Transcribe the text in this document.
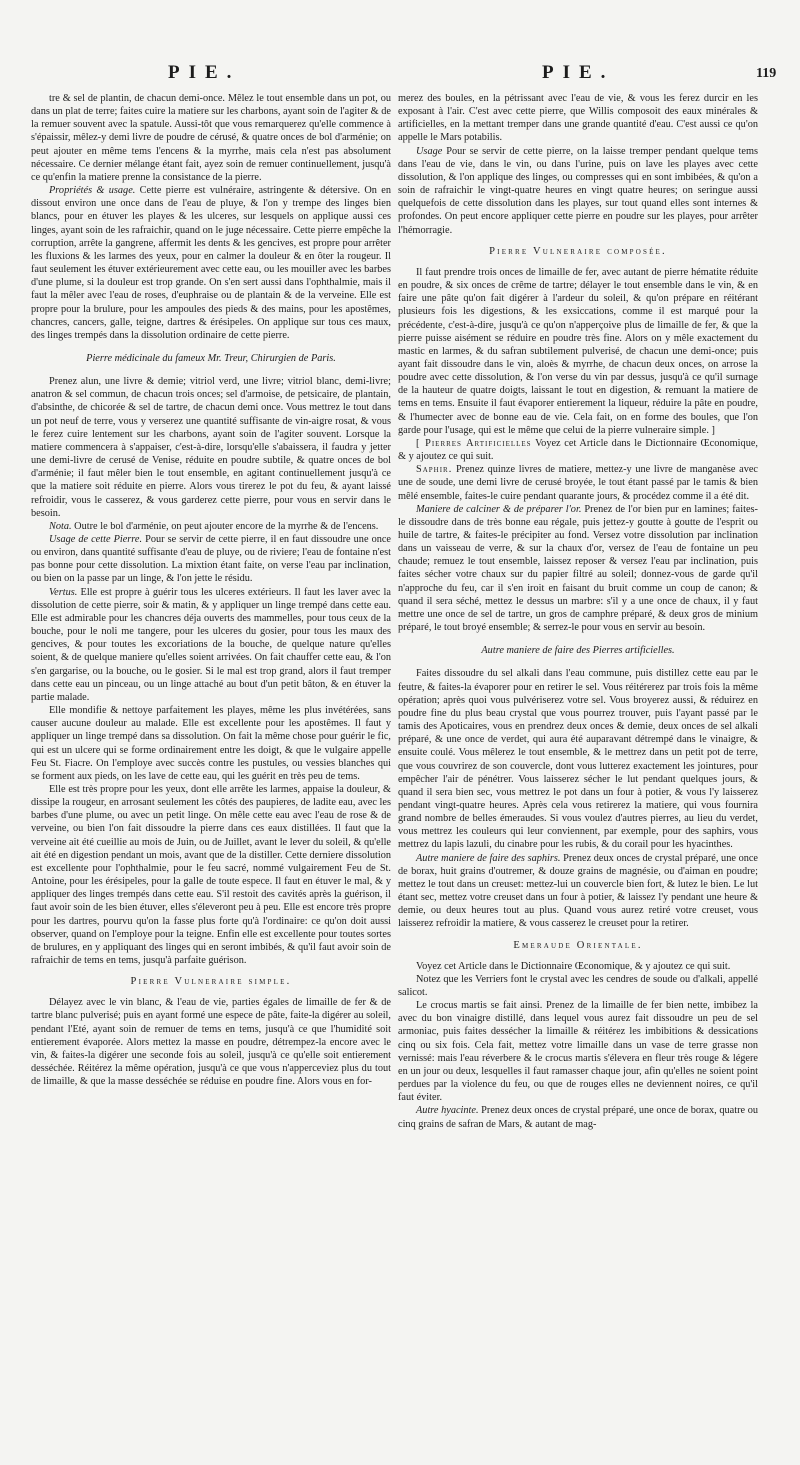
PIE.	PIE.	119

tre & sel de plantin, de chacun demi-once. Mêlez le tout ensemble dans un pot, ou dans un plat de terre; faites cuire la matiere sur les charbons, ayant soin de l'agiter & de la remuer souvent avec la spatule. Aussi-tôt que vous remarquerez qu'elle commence à s'épaissir, mêlez-y demi livre de poudre de cérusé, & quatre onces de bol d'arménie; on peut ajouter en même tems l'encens & la myrrhe, mais cela n'est pas absolument nécessaire. Ce dernier mélange étant fait, ayez soin de remuer continuellement, jusqu'à ce qu'enfin la matiere prenne la consistance de la pierre.

Propriétés & usage. Cette pierre est vulnéraire, astringente & détersive. On en dissout environ une once dans de l'eau de pluye, & l'on y trempe des linges bien blancs, pour en étuver les playes & les ulceres, sur lesquels on applique aussi ces linges, ayant soin de les rafraichir, quand on le juge nécessaire. Cette pierre empêche la corruption, arrête la gangrene, affermit les dents & les gencives, est propre pour arrêter les fluxions & les larmes des yeux, pour en calmer la douleur & en ôter la rougeur. Il faut seulement les étuver extérieurement avec cette eau, ou les mouiller avec les barbes d'une plume, si la douleur est trop grande. On s'en sert aussi dans l'ophthalmie, mais il faut la mêler avec l'eau de roses, d'euphraise ou de plantain & de la verveine. Elle est propre pour la brulure, pour les ampoules des pieds & des mains, pour les apostêmes, chancres, cancers, galle, teigne, dartres & érésipeles. On applique sur tous ces maux, des linges trempés dans la dissolution ordinaire de cette pierre.

Pierre médicinale du fameux Mr. Treur, Chirurgien de Paris.

Prenez alun, une livre & demie; vitriol verd, une livre; vitriol blanc, demi-livre; anatron & sel commun, de chacun trois onces; sel d'armoise, de petsicaire, de plantain, d'absinthe, de chicorée & sel de tartre, de chacun demi once. Vous mettrez le tout dans un pot neuf de terre, vous y verserez une quantité suffisante de vin-aigre rosat, & vous le ferez cuire lentement sur les charbons, ayant soin de l'agiter souvent. Lorsque la matiere commencera à s'appaiser, c'est-à-dire, lorsqu'elle s'abaissera, il faudra y jetter une demi-livre de cerusé de Venise, réduite en poudre subtile, & quatre onces de bol d'arménie; il faut mêler bien le tout ensemble, en agitant continuellement jusqu'à ce que la matiere soit réduite en pierre. Alors vous tirerez le pot du feu, & ayant laissé refroidir, vous le casserez, & vous garderez cette pierre, pour vous en servir dans le besoin.

Nota. Outre le bol d'arménie, on peut ajouter encore de la myrrhe & de l'encens.

Usage de cette Pierre. Pour se servir de cette pierre, il en faut dissoudre une once ou environ, dans quantité suffisante d'eau de pluye, ou de riviere; l'eau de fontaine n'est pas bonne pour cette dissolution. La mixtion étant faite, on verse l'eau par inclination, ou bien on la passe par un linge, & l'on jette le résidu.

Vertus. Elle est propre à guérir tous les ulceres extérieurs. Il faut les laver avec la dissolution de cette pierre, soir & matin, & y appliquer un linge trempé dans cette eau. Elle est admirable pour les chancres déja ouverts des mammelles, pour tous ceux de la bouche, pour le noli me tangere, pour les ulceres du gosier, pour tous les maux des gencives, & pour toutes les excoriations de la bouche, de quelque nature qu'elles soient, & de quelque maniere qu'elles soient arrivées. On fait chauffer cette eau, & l'on s'en gargarise, ou la bouche, ou le gosier. Si le mal est trop grand, alors il faut tremper dans cette eau un pinceau, ou un linge attaché au bout d'un petit bâton, & en étuver la partie malade.

Elle mondifie & nettoye parfaitement les playes, même les plus invétérées, sans causer aucune douleur au malade. Elle est excellente pour les apostêmes. Il faut y appliquer un linge trempé dans sa dissolution. On fait la même chose pour guérir le fic, qui est un ulcere qui se forme ordinairement entre les doigt, & que le vulgaire appelle Feu St. Fiacre. On l'employe avec succès contre les pustules, ou vessies blanches qui se forment aux pieds, on les lave de cette eau, qui les guérit en très peu de tems.

Elle est très propre pour les yeux, dont elle arrête les larmes, appaise la douleur, & dissipe la rougeur, en arrosant seulement les côtés des paupieres, de ladite eau, avec les barbes d'une plume, ou avec un petit linge. On mêle cette eau avec l'eau de rose & de verveine, ou bien l'on fait dissoudre la pierre dans ces eaux distillées. Il faut que la verveine ait été cueillie au mois de Juin, ou de Juillet, avant le lever du soleil, & qu'elle ait été en digestion pendant un mois, avant que de la distiller. Cette derniere dissolution est excellente pour l'ophthalmie, pour le feu sacré, nommé vulgairement Feu de St. Antoine, pour les érésipeles, pour la galle de toute espece. Il faut en étuver le mal, & y appliquer des linges trempés dans cette eau. S'il restoit des cavités après la guérison, il faut avoir soin de les bien étuver, elles s'éleveront peu à peu. Elle est encore très propre pour les dartres, pourvu qu'on la fasse plus forte qu'à l'ordinaire: ce qu'on doit aussi observer, quand on l'employe pour la teigne. Enfin elle est excellente pour toutes sortes de brulures, en y appliquant des linges qui en seront imbibés, & qu'il faut avoir soin de rafraichir de tems en tems, jusqu'à parfaite guérison.

Pierre Vulneraire simple.

Délayez avec le vin blanc, & l'eau de vie, parties égales de limaille de fer & de tartre blanc pulverisé; puis en ayant formé une espece de pâte, faite-la digérer au soleil, pendant l'Eté, ayant soin de remuer de tems en tems, jusqu'à ce que l'humidité soit entierement évaporée. Alors mettez la masse en poudre, détrempez-la encore avec le vin, & faites-la digérer une seconde fois au soleil, jusqu'à ce qu'elle soit entierement desséchée. Réitérez la même opération, jusqu'à ce que vous n'apperceviez plus du tout de limaille, & que la masse desséchée se réduise en poudre fine. Alors vous en for-

merez des boules, en la pétrissant avec l'eau de vie, & vous les ferez durcir en les exposant à l'air. C'est avec cette pierre, que Willis composoit des eaux minérales & artificielles, en la mettant tremper dans une grande quantité d'eau. C'est aussi ce qu'on appelle le Mars potabilis.

Usage Pour se servir de cette pierre, on la laisse tremper pendant quelque tems dans l'eau de vie, dans le vin, ou dans l'urine, puis on lave les playes avec cette dissolution, & l'on applique des linges, ou compresses qui en sont imbibées, & qu'on a soin de rafraichir le vingt-quatre heures en vingt quatre heures; on seringue aussi quelquefois de cette dissolution dans les playes, sur tout quand elles sont internes & profondes. On peut encore appliquer cette pierre en poudre sur les playes, pour arrêter l'hémorragie.

Pierre Vulneraire composée.

Il faut prendre trois onces de limaille de fer, avec autant de pierre hématite réduite en poudre, & six onces de crême de tartre; délayer le tout ensemble dans le vin, & en faire une pâte qu'on fait digérer à l'ardeur du soleil, & qu'on prépare en réitérant plusieurs fois les digestions, & les exsiccations, comme il est marqué pour la précédente, c'est-à-dire, jusqu'à ce qu'on n'apperçoive plus de limaille de fer, & que la pierre puisse aisément se réduire en poudre très fine. Alors on y mêle exactement du mastic en larmes, & du safran subtilement pulverisé, de chacun une demi-once; puis ayant fait dissoudre dans le vin, aloès & myrrhe, de chacun deux onces, on arrose la poudre avec cette dissolution, & l'on verse du vin par dessus, jusqu'à ce qu'il surnage de la hauteur de quatre doigts, laissant le tout en digestion, & remuant la matiere de tems en tems. Ensuite il faut évaporer entierement la liqueur, réduire la pâte en poudre, & l'humecter avec de bonne eau de vie. Cela fait, on en forme des boules, que l'on garde pour l'usage, qui est le même que celui de la pierre vulneraire simple. ]

[ Pierres Artificielles Voyez cet Article dans le Dictionnaire Œconomique, & y ajoutez ce qui suit.

Saphir. Prenez quinze livres de matiere, mettez-y une livre de manganèse avec une de soude, une demi livre de cerusé broyée, le tout étant passé par le tamis & bien mêlé ensemble, faites-le cuire pendant quarante jours, & procédez comme il a été dit.

Maniere de calciner & de préparer l'or. Prenez de l'or bien pur en lamines; faites-le dissoudre dans de très bonne eau régale, puis jettez-y goutte à goutte de l'esprit ou huile de tartre, & faites-le précipiter au fond. Versez votre dissolution par inclination dans un vaisseau de verre, & sur la chaux d'or, versez de l'eau de fontaine un peu chaude; remuez le tout ensemble, laissez reposer & versez l'eau par inclination, puis faites sécher votre chaux sur du papier filtré au soleil; donnez-vous de garde qu'il n'approche du feu, car il s'en iroit en faisant du bruit comme un coup de canon; & quand il sera séché, mettez le dessus un marbre: s'il y a une once de chaux, il y faut mettre une once de sel de tartre, un gros de camphre préparé, & deux gros de minium préparé, le tout broyé ensemble; & serrez-le pour vous en servir au besoin.

Autre maniere de faire des Pierres artificielles.

Faites dissoudre du sel alkali dans l'eau commune, puis distillez cette eau par le feutre, & faites-la évaporer pour en retirer le sel. Vous réitérerez par trois fois la même opération; après quoi vous pulvériserez votre sel. Vous broyerez aussi, & réduirez en poudre fine du plus beau crystal que vous pourrez trouver, puis l'ayant passé par le tamis des Apoticaires, vous en prendrez deux onces & demie, deux onces de sel alkali préparé, & une once de verdet, qui aura été auparavant détrempé dans le vinaigre, & ensuite coulé. Vous mêlerez le tout ensemble, & le mettrez dans un petit pot de terre, que vous couvrirez de son couvercle, dont vous lutterez exactement les jointures, pour empêcher l'air de pénétrer. Vous laisserez sécher le lut pendant quelques jours, & quand il sera bien sec, vous mettrez le pot dans un four à potier, & vous l'y laisserez pendant vingt-quatre heures. Après cela vous retirerez la matiere, qui vous fournira grand nombre de belles émeraudes. Si vous voulez d'autres pierres, au lieu du verdet, vous mettrez les couleurs qui leur conviennent, par exemple, pour des saphirs, vous mettrez du lapis lazuli, du cinabre pour les rubis, & du corail pour les hyacinthes.

Autre maniere de faire des saphirs. Prenez deux onces de crystal préparé, une once de borax, huit grains d'outremer, & douze grains de magnésie, ou d'aiman en poudre; mettez le tout dans un creuset: mettez-lui un couvercle bien fort, & lutez le bien. Le lut étant sec, mettez votre creuset dans un four à potier, & laissez l'y pendant une heure & demie, ou deux heures tout au plus. Quand vous aurez retiré votre creuset, vous laisserez refroidir la matiere, & vous casserez le creuset pour la retirer.

Emeraude Orientale.

Voyez cet Article dans le Dictionnaire Œconomique, & y ajoutez ce qui suit.

Notez que les Verriers font le crystal avec les cendres de soude ou d'alkali, appellé salicot.

Le crocus martis se fait ainsi. Prenez de la limaille de fer bien nette, imbibez la avec du bon vinaigre distillé, dans lequel vous aurez fait dissoudre un peu de sel armoniac, puis faites dessécher la limaille & réitérez les imbibitions & dessications cinq ou six fois. Cela fait, mettez votre limaille dans un vase de terre grasse non vernissé: mais l'eau réverbere & le crocus martis s'élevera en fleur très rouge & légere en un jour ou deux, lesquelles il faut ramasser chaque jour, afin qu'elles ne soient point perdues par la violence du feu, ou que de rouges elles ne deviennent noires, ce qu'il faut éviter.

Autre hyacinte. Prenez deux onces de crystal préparé, une once de borax, quatre ou cinq grains de safran de Mars, & autant de mag-
